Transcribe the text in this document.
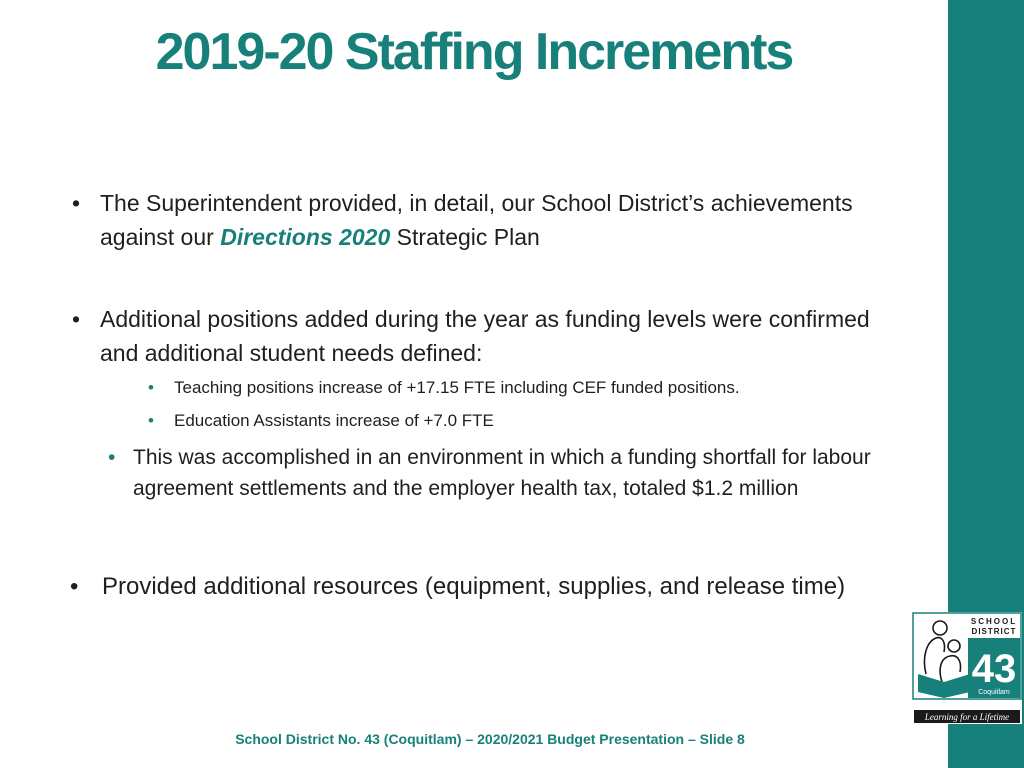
2019-20 Staffing Increments
• The Superintendent provided, in detail, our School District’s achievements against our Directions 2020 Strategic Plan
• Additional positions added during the year as funding levels were confirmed and additional student needs defined:
• Teaching positions increase of +17.15 FTE including CEF funded positions.
• Education Assistants increase of +7.0 FTE
• This was accomplished in an environment in which a funding shortfall for labour agreement settlements and the employer health tax, totaled $1.2 million
• Provided additional resources (equipment, supplies, and release time)
School District No. 43 (Coquitlam) – 2020/2021 Budget Presentation – Slide 8
SCHOOL
DISTRICT
43
Coquitlam
Learning for a Lifetime
